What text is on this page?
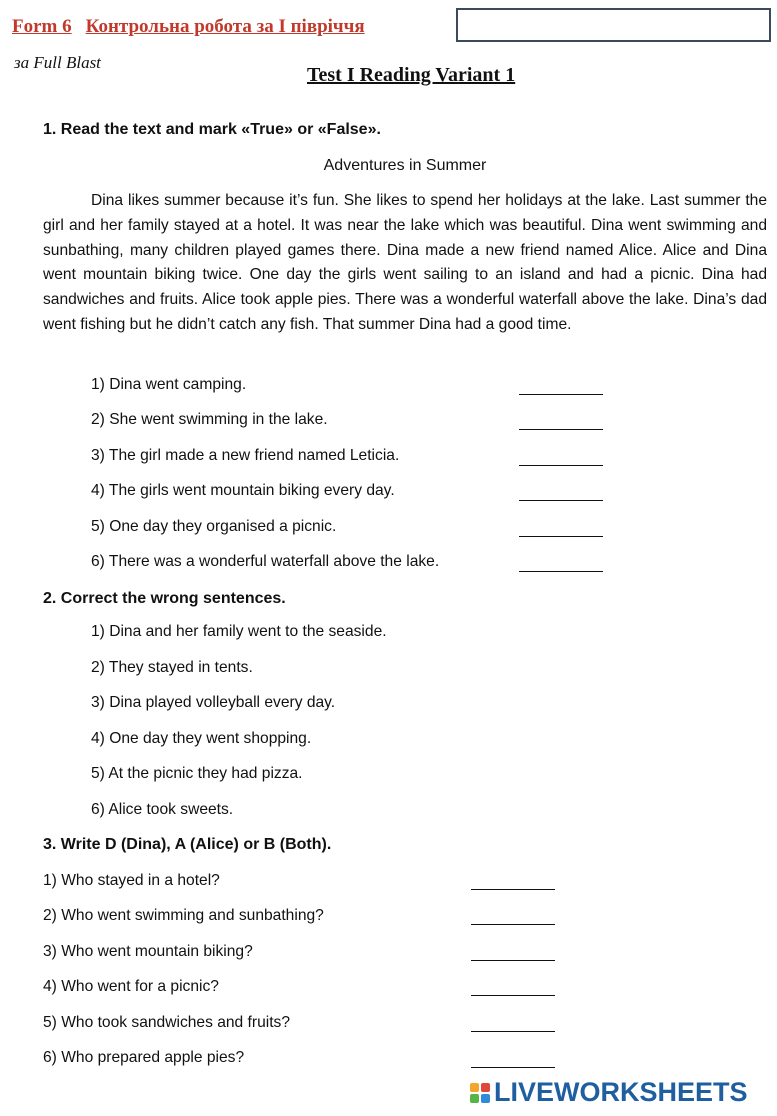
Form 6 Контрольна робота за І півріччя
за Full Blast
Test I Reading Variant 1
1. Read the text and mark «True» or «False».
Adventures in Summer

Dina likes summer because it’s fun. She likes to spend her holidays at the lake. Last summer the girl and her family stayed at a hotel. It was near the lake which was beautiful. Dina went swimming and sunbathing, many children played games there. Dina made a new friend named Alice. Alice and Dina went mountain biking twice. One day the girls went sailing to an island and had a picnic. Dina had sandwiches and fruits. Alice took apple pies. There was a wonderful waterfall above the lake. Dina’s dad went fishing but he didn’t catch any fish. That summer Dina had a good time.

1) Dina went camping.
2) She went swimming in the lake.
3) The girl made a new friend named Leticia.
4) The girls went mountain biking every day.
5) One day they organised a picnic.
6) There was a wonderful waterfall above the lake.
2. Correct the wrong sentences.
1) Dina and her family went to the seaside.
2) They stayed in tents.
3) Dina played volleyball every day.
4) One day they went shopping.
5) At the picnic they had pizza.
6) Alice took sweets.
3. Write D (Dina), A (Alice) or B (Both).
1) Who stayed in a hotel?
2) Who went swimming and sunbathing?
3) Who went mountain biking?
4) Who went for a picnic?
5) Who took sandwiches and fruits?
6) Who prepared apple pies?
LIVEWORKSHEETS
